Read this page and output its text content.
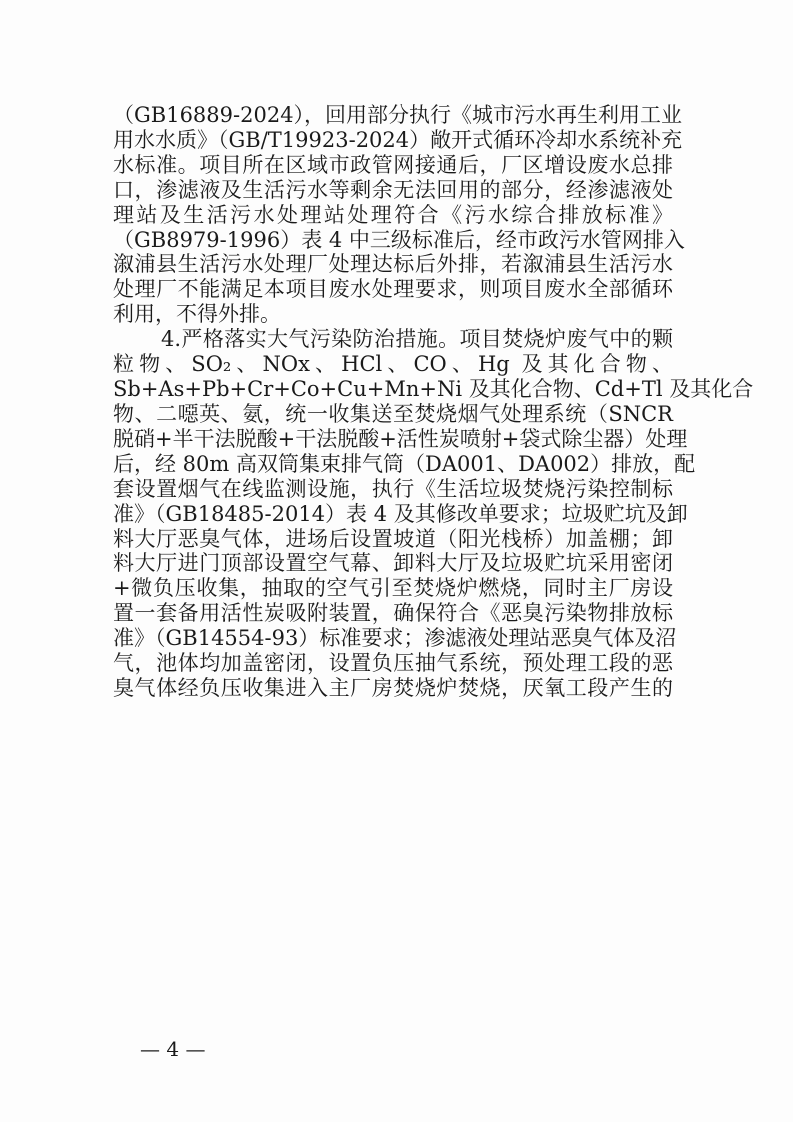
（GB16889-2024），回用部分执行《城市污水再生利用工业
用水水质》（GB/T19923-2024）敞开式循环冷却水系统补充
水标准。项目所在区域市政管网接通后，厂区增设废水总排
口，渗滤液及生活污水等剩余无法回用的部分，经渗滤液处
理站及生活污水处理站处理符合《污水综合排放标准》
（GB8979-1996）表 4 中三级标准后，经市政污水管网排入
溆浦县生活污水处理厂处理达标后外排，若溆浦县生活污水
处理厂不能满足本项目废水处理要求，则项目废水全部循环
利用，不得外排。
4.严格落实大气污染防治措施。项目焚烧炉废气中的颗
粒物、SO₂、NOx、HCl、CO、Hg 及其化合物、
Sb+As+Pb+Cr+Co+Cu+Mn+Ni 及其化合物、Cd+Tl 及其化合
物、二噁英、氨，统一收集送至焚烧烟气处理系统（SNCR
脱硝+半干法脱酸+干法脱酸+活性炭喷射+袋式除尘器）处理
后，经 80m 高双筒集束排气筒（DA001、DA002）排放，配
套设置烟气在线监测设施，执行《生活垃圾焚烧污染控制标
准》（GB18485-2014）表 4 及其修改单要求；垃圾贮坑及卸
料大厅恶臭气体，进场后设置坡道（阳光栈桥）加盖棚；卸
料大厅进门顶部设置空气幕、卸料大厅及垃圾贮坑采用密闭
+微负压收集，抽取的空气引至焚烧炉燃烧，同时主厂房设
置一套备用活性炭吸附装置，确保符合《恶臭污染物排放标
准》（GB14554-93）标准要求；渗滤液处理站恶臭气体及沼
气，池体均加盖密闭，设置负压抽气系统，预处理工段的恶
臭气体经负压收集进入主厂房焚烧炉焚烧，厌氧工段产生的
— 4 —
